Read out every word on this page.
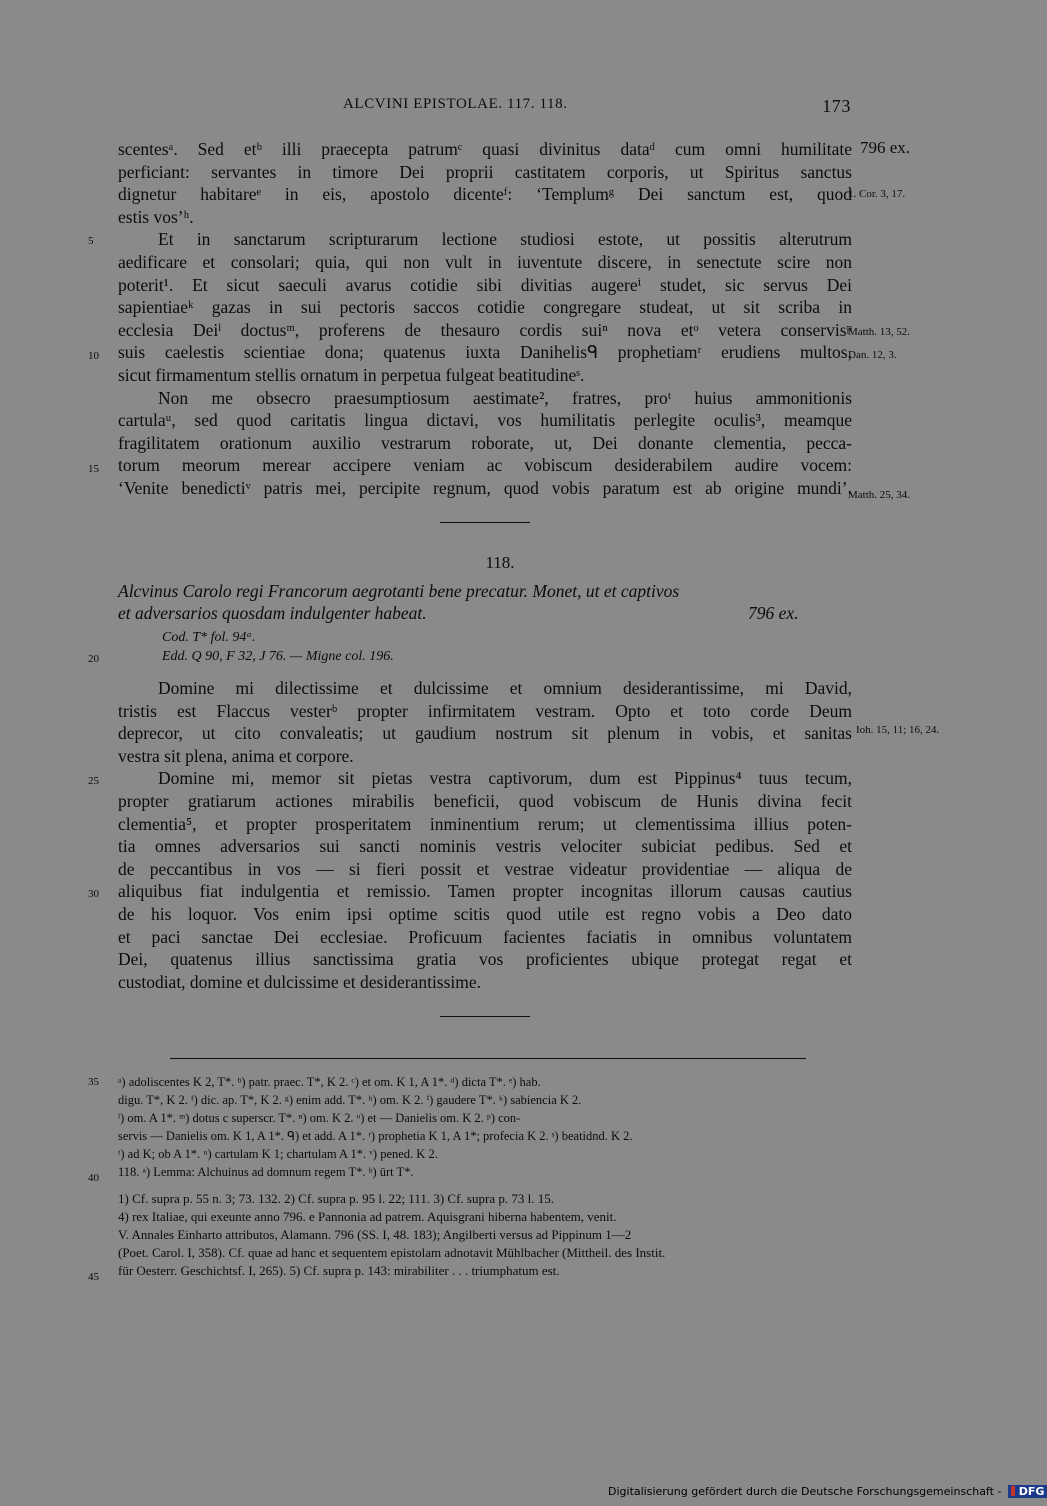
ALCVINI EPISTOLAE. 117. 118.	173
scentesᵃ. Sed etᵇ illi praecepta patrumᶜ quasi divinitus dataᵈ cum omni humilitate
perficiant: servantes in timore Dei proprii castitatem corporis, ut Spiritus sanctus
dignetur habitareᵉ in eis, apostolo dicenteᶠ: ‘Templumᵍ Dei sanctum est, quod
estis vos’ʰ.
Et in sanctarum scripturarum lectione studiosi estote, ut possitis alterutrum
aedificare et consolari; quia, qui non vult in iuventute discere, in senectute scire non
poterit¹. Et sicut saeculi avarus cotidie sibi divitias augereⁱ studet, sic servus Dei
sapientiaeᵏ gazas in sui pectoris saccos cotidie congregare studeat, ut sit scriba in
ecclesia Deiˡ doctusᵐ, proferens de thesauro cordis suiⁿ nova etᵒ vetera conservisᵖ
suis caelestis scientiae dona; quatenus iuxta Danihelisᑫ prophetiamʳ erudiens multos,
sicut firmamentum stellis ornatum in perpetua fulgeat beatitudineˢ.
Non me obsecro praesumptiosum aestimate², fratres, proᵗ huius ammonitionis
cartulaᵘ, sed quod caritatis lingua dictavi, vos humilitatis perlegite oculis³, meamque
fragilitatem orationum auxilio vestrarum roborate, ut, Dei donante clementia, pecca-
torum meorum merear accipere veniam ac vobiscum desiderabilem audire vocem:
‘Venite benedictiᵛ patris mei, percipite regnum, quod vobis paratum est ab origine mundi’.
796 ex.
1. Cor. 3, 17.
Matth. 13, 52.
Dan. 12, 3.
Matth. 25, 34.
5
10
15
20
25
30
35
40
45
118.
Alcvinus Carolo regi Francorum aegrotanti bene precatur. Monet, ut et captivos
et adversarios quosdam indulgenter habeat.	796 ex.
Cod. T* fol. 94ᵃ.
Edd. Q 90, F 32, J 76. — Migne col. 196.
Domine mi dilectissime et dulcissime et omnium desiderantissime, mi David,
tristis est Flaccus vesterᵇ propter infirmitatem vestram. Opto et toto corde Deum
deprecor, ut cito convaleatis; ut gaudium nostrum sit plenum in vobis, et sanitas
vestra sit plena, anima et corpore.
Domine mi, memor sit pietas vestra captivorum, dum est Pippinus⁴ tuus tecum,
propter gratiarum actiones mirabilis beneficii, quod vobiscum de Hunis divina fecit
clementia⁵, et propter prosperitatem inminentium rerum; ut clementissima illius poten-
tia omnes adversarios sui sancti nominis vestris velociter subiciat pedibus. Sed et
de peccantibus in vos — si fieri possit et vestrae videatur providentiae — aliqua de
aliquibus fiat indulgentia et remissio. Tamen propter incognitas illorum causas cautius
de his loquor. Vos enim ipsi optime scitis quod utile est regno vobis a Deo dato
et paci sanctae Dei ecclesiae. Proficuum facientes faciatis in omnibus voluntatem
Dei, quatenus illius sanctissima gratia vos proficientes ubique protegat regat et
custodiat, domine et dulcissime et desiderantissime.
Ioh. 15, 11; 16, 24.
ᵃ) adoliscentes K 2, T*. ᵇ) patr. praec. T*, K 2. ᶜ) et om. K 1, A 1*. ᵈ) dicta T*. ᵉ) hab.
digu. T*, K 2. ᶠ) dic. ap. T*, K 2. ᵍ) enim add. T*. ʰ) om. K 2. ⁱ) gaudere T*. ᵏ) sabiencia K 2.
ˡ) om. A 1*. ᵐ) dotus c superscr. T*. ⁿ) om. K 2. ᵒ) et — Danielis om. K 2. ᵖ) con-
servis — Danielis om. K 1, A 1*. ᑫ) et add. A 1*. ʳ) prophetia K 1, A 1*; profecia K 2. ˢ) beatidnd. K 2.
ᵗ) ad K; ob A 1*. ᵘ) cartulam K 1; chartulam A 1*. ᵛ) pened. K 2.
118. ᵃ) Lemma: Alchuinus ad domnum regem T*. ᵇ) ūrt T*.
1) Cf. supra p. 55 n. 3; 73. 132. 2) Cf. supra p. 95 l. 22; 111. 3) Cf. supra p. 73 l. 15.
4) rex Italiae, qui exeunte anno 796. e Pannonia ad patrem. Aquisgrani hiberna habentem, venit.
V. Annales Einharto attributos, Alamann. 796 (SS. I, 48. 183); Angilberti versus ad Pippinum 1—2
(Poet. Carol. I, 358). Cf. quae ad hanc et sequentem epistolam adnotavit Mühlbacher (Mittheil. des Instit.
für Oesterr. Geschichtsf. I, 265). 5) Cf. supra p. 143: mirabiliter . . . triumphatum est.
Digitalisierung gefördert durch die Deutsche Forschungsgemeinschaft - DFG
